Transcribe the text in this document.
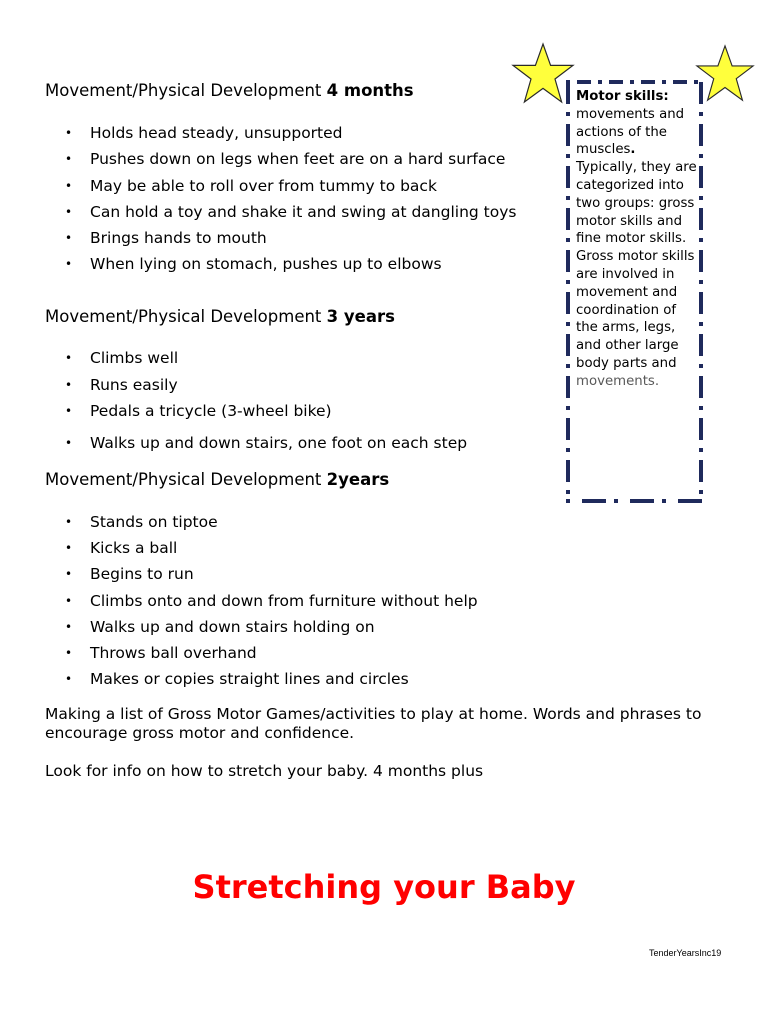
Movement/Physical Development 4 months
• Holds head steady, unsupported
• Pushes down on legs when feet are on a hard surface
• May be able to roll over from tummy to back
• Can hold a toy and shake it and swing at dangling toys
• Brings hands to mouth
• When lying on stomach, pushes up to elbows
Movement/Physical Development 3 years
• Climbs well
• Runs easily
• Pedals a tricycle (3-wheel bike)
• Walks up and down stairs, one foot on each step
Movement/Physical Development 2years
• Stands on tiptoe
• Kicks a ball
• Begins to run
• Climbs onto and down from furniture without help
• Walks up and down stairs holding on
• Throws ball overhand
• Makes or copies straight lines and circles

Making a list of Gross Motor Games/activities to play at home. Words and phrases to encourage gross motor and confidence.

Look for info on how to stretch your baby. 4 months plus

Motor skills: movements and actions of the muscles. Typically, they are categorized into two groups: gross motor skills and fine motor skills. Gross motor skills are involved in movement and coordination of the arms, legs, and other large body parts and movements.

Stretching your Baby

TenderYearsInc19
